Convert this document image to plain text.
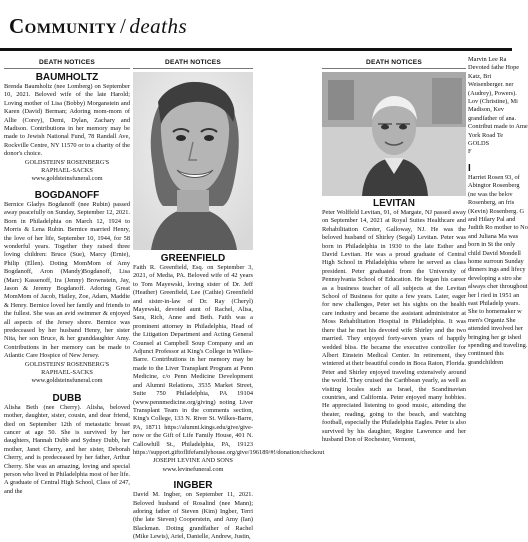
Community / deaths
DEATH NOTICES
BAUMHOLTZ

Brenda Baumholtz (nee Lomberg) on September 10, 2021. Beloved wife of the late Harold; Loving mother of Lisa (Bobby) Morganstein and Karen (David) Berman; Adoring mom-mom of Allie (Corey), Demi, Dylan, Zachary and Madison. Contributions in her memory may be made to Jewish National Fund, 78 Randall Ave, Rockville Centre, NY 11570 or to a charity of the donor's choice.

GOLDSTEINS' ROSENBERG'S

RAPHAEL-SACKS

www.goldsteinsfuneral.com

BOGDANOFF

Bernice Gladys Bogdanoff (nee Rubin) passed away peacefully on Sunday, September 12, 2021. Born in Philadelphia on March 12, 1924 to Morris & Lena Rubin. Bernice married Henry, the love of her life, September 10, 1944, for 58 wonderful years. Together they raised three loving children: Bruce (Sue), Marcy (Ernie), Philip (Ellen). Doting MomMom of Amy Bogdanoff, Aron (Mandy)Bogdanoff, Lisa (Marc) Kassenoff, Ira (Jenny) Brownstein, Jay, Jason & Jeremy Bogdanoff. Adoring Great MomMom of Jacob, Hailey, Zoe, Adam, Maddie & Henry. Bernice loved her family and friends to the fullest. She was an avid swimmer & enjoyed all aspects of the Jersey shore. Bernice was predeceased by her husband Henry, her sister Nita, her son Bruce, & her granddaughter Amy. Contributions in her memory can be made to Atlantic Care Hospice of New Jersey.

GOLDSTEINS' ROSENBERG'S

RAPHAEL-SACKS

www.goldsteinsfuneral.com

DUBB

Alisha Beth (nee Cherry). Alisha, beloved mother, daughter, sister, cousin, and dear friend, died on September 12th of metastatic breast cancer at age 50. She is survived by her daughters, Hannah Dubb and Sydney Dubb, her mother, Janet Cherry, and her sister, Deborah Cherry, and is predeceased by her father, Arthur Cherry. She was an amazing, loving and special person who lived in Philadelphia most of her life. A graduate of Central High School, Class of 247, and the

DEATH NOTICES
GREENFIELD

Faith R. Greenfield, Esq. on September 3, 2021, of Media, PA. Beloved wife of 42 years to Tom Mayewski, loving sister of Dr. Jeff (Heather) Greenfield, Lee (Cathie) Greenfield and sister-in-law of Dr. Ray (Cheryl) Mayewski, devoted aunt of Rachel, Alisa, Sara, Rich, Anne and Beth. Faith was a prominent attorney in Philadelphia, Head of the Litigation Department and Acting General Counsel at Campbell Soup Company and an Adjunct Professor at King's College in Wilkes-Barre. Contributions in her memory may be made to the Liver Transplant Program at Penn Medicine, c/o Penn Medicine Development and Alumni Relations, 3535 Market Street, Suite 750 Philadelphia, PA 19104 (www.pennmedicine.org/giving) noting Liver Transplant Team in the comments section, King's College, 133 N. River St. Wilkes-Barre, PA, 18711 https://alumni.kings.edu/give/give-now or the Gift of Life Family House, 401 N. Callowhill St., Philadelphia, PA, 19123 https://support.giftoflifefamilyhouse.org/give/196189/#!/donation/checkout

JOSEPH LEVINE AND SONS

www.levinefuneral.com

INGBER

David M. Ingber, on September 11, 2021. Beloved husband of Rosalind (nee Mann); adoring father of Steven (Kim) Ingber, Terri (the late Steven) Cooperstein, and Amy (Ian) Blackman. Doting grandfather of Rachel (Mike Lewis), Ariel, Danielle, Andrew, Justin,

DEATH NOTICES
LEVITAN

Peter Wolffeld Levitan, 91, of Margate, NJ passed away on September 14, 2021 at Royal Suites Healthcare and Rehabilitation Center, Galloway, NJ. He was the beloved husband of Shirley (Segal) Levitan. Peter was born in Philadelphia in 1930 to the late Esther and David Levitan. He was a proud graduate of Central High School in Philadelphia where he served as class president. Peter graduated from the University of Pennsylvania School of Education. He began his career as a business teacher of all subjects at the Levitan School of Business for quite a few years. Later, eager for new challenges, Peter set his sights on the health care industry and became the assistant administrator at Moss Rehabilitation Hospital in Philadelphia. It was there that he met his devoted wife Shirley and the two married. They enjoyed forty-seven years of happily wedded bliss. He became the executive controller for Albert Einstein Medical Center. In retirement, they wintered at their beautiful condo in Boca Raton, Florida. Peter and Shirley enjoyed traveling extensively around the world. They cruised the Caribbean yearly, as well as visiting locales such as Israel, the Scandinavian countries, and California. Peter enjoyed many hobbies. He appreciated listening to good music, attending the theater, reading, going to the beach, and watching football, especially the Philadelphia Eagles. Peter is also survived by his daughter, Regine Lawrence and her husband Don of Rochester, Vermont,

Marvin Lee Ra Devoted fathe Hope Katz, Bri Weisenberger. ner (Audrey), Powers). Lov (Christine), Mi Madison, Kev grandfather of ana. Contribut made to Ame York Road Te

GOLDS

F

I

Harriet Rosen 93, of Abingtor Rosenberg (ne was the belov Rosenberg, an fris (Kevin) Rosenberg. G and Hilary Pal and Judith Ro mother to No and Juliana Ma was born in St the only child David Mondell home surroun Sunday dinners ings and lifecy developing a stro she always cher throughout her l ried in 1951 an east Philadelp years. She to homemaker w men's Organiz She attended involved her bringing her gr ished spending and traveling. continued this grandchildren
